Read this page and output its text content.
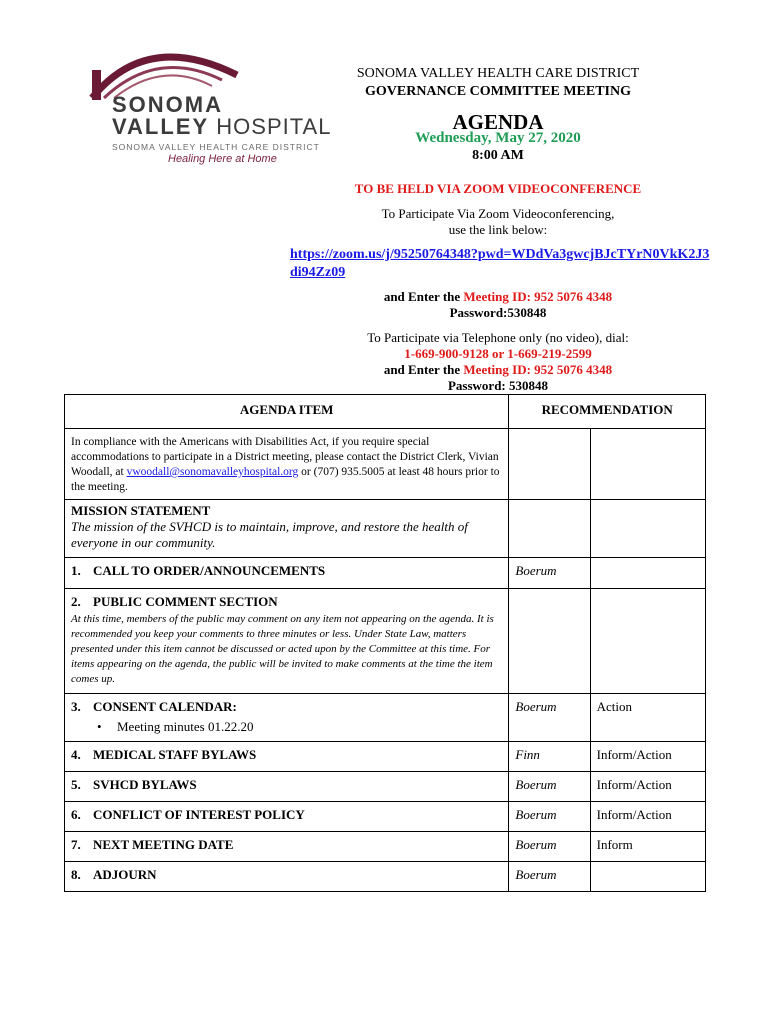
SONOMA
VALLEY HOSPITAL
SONOMA VALLEY HEALTH CARE DISTRICT
Healing Here at Home
SONOMA VALLEY HEALTH CARE DISTRICT
GOVERNANCE COMMITTEE MEETING
AGENDA
Wednesday, May 27, 2020
8:00 AM
TO BE HELD VIA ZOOM VIDEOCONFERENCE
To Participate Via Zoom Videoconferencing,
use the link below:
https://zoom.us/j/95250764348?pwd=WDdVa3gwcjBJcTYrN0VkK2J3di94Zz09
and Enter the Meeting ID: 952 5076 4348
Password:530848
To Participate via Telephone only (no video), dial:
1-669-900-9128 or 1-669-219-2599
and Enter the Meeting ID: 952 5076 4348
Password: 530848
AGENDA ITEM	RECOMMENDATION	
In compliance with the Americans with Disabilities Act, if you require special accommodations to participate in a District meeting, please contact the District Clerk, Vivian Woodall, at vwoodall@sonomavalleyhospital.org or (707) 935.5005 at least 48 hours prior to the meeting.		

MISSION STATEMENT
The mission of the SVHCD is to maintain, improve, and restore the health of everyone in our community.		

1. CALL TO ORDER/ANNOUNCEMENTS	Boerum	

2. PUBLIC COMMENT SECTION
At this time, members of the public may comment on any item not appearing on the agenda. It is recommended you keep your comments to three minutes or less. Under State Law, matters presented under this item cannot be discussed or acted upon by the Committee at this time. For items appearing on the agenda, the public will be invited to make comments at the time the item comes up.		

3. CONSENT CALENDAR:
• Meeting minutes 01.22.20	Boerum	Action
4. MEDICAL STAFF BYLAWS	Finn	Inform/Action
5. SVHCD BYLAWS	Boerum	Inform/Action
6. CONFLICT OF INTEREST POLICY	Boerum	Inform/Action
7. NEXT MEETING DATE	Boerum	Inform
8. ADJOURN	Boerum	
